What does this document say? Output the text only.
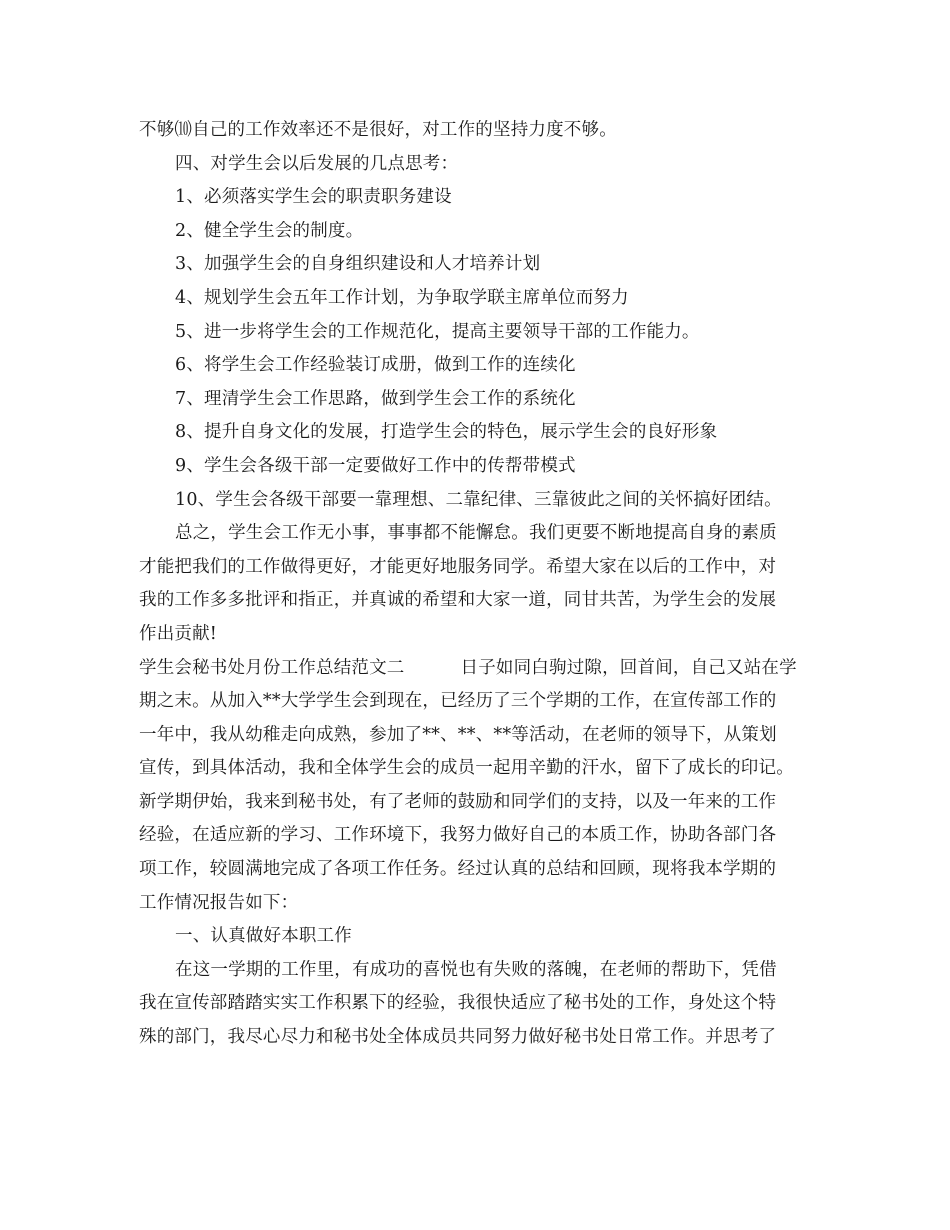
不够⑽自己的工作效率还不是很好，对工作的坚持力度不够。
四、对学生会以后发展的几点思考：
1、必须落实学生会的职责职务建设
2、健全学生会的制度。
3、加强学生会的自身组织建设和人才培养计划
4、规划学生会五年工作计划，为争取学联主席单位而努力
5、进一步将学生会的工作规范化，提高主要领导干部的工作能力。
6、将学生会工作经验装订成册，做到工作的连续化
7、理清学生会工作思路，做到学生会工作的系统化
8、提升自身文化的发展，打造学生会的特色，展示学生会的良好形象
9、学生会各级干部一定要做好工作中的传帮带模式
10、学生会各级干部要一靠理想、二靠纪律、三靠彼此之间的关怀搞好团结。
总之，学生会工作无小事，事事都不能懈怠。我们更要不断地提高自身的素质
才能把我们的工作做得更好，才能更好地服务同学。希望大家在以后的工作中，对
我的工作多多批评和指正，并真诚的希望和大家一道，同甘共苦，为学生会的发展
作出贡献!
学生会秘书处月份工作总结范文二	日子如同白驹过隙，回首间，自己又站在学
期之末。从加入**大学学生会到现在，已经历了三个学期的工作，在宣传部工作的
一年中，我从幼稚走向成熟，参加了**、**、**等活动，在老师的领导下，从策划
宣传，到具体活动，我和全体学生会的成员一起用辛勤的汗水，留下了成长的印记。
新学期伊始，我来到秘书处，有了老师的鼓励和同学们的支持，以及一年来的工作
经验，在适应新的学习、工作环境下，我努力做好自己的本质工作，协助各部门各
项工作，较圆满地完成了各项工作任务。经过认真的总结和回顾，现将我本学期的
工作情况报告如下：
一、认真做好本职工作
在这一学期的工作里，有成功的喜悦也有失败的落魄，在老师的帮助下，凭借
我在宣传部踏踏实实工作积累下的经验，我很快适应了秘书处的工作，身处这个特
殊的部门，我尽心尽力和秘书处全体成员共同努力做好秘书处日常工作。并思考了
